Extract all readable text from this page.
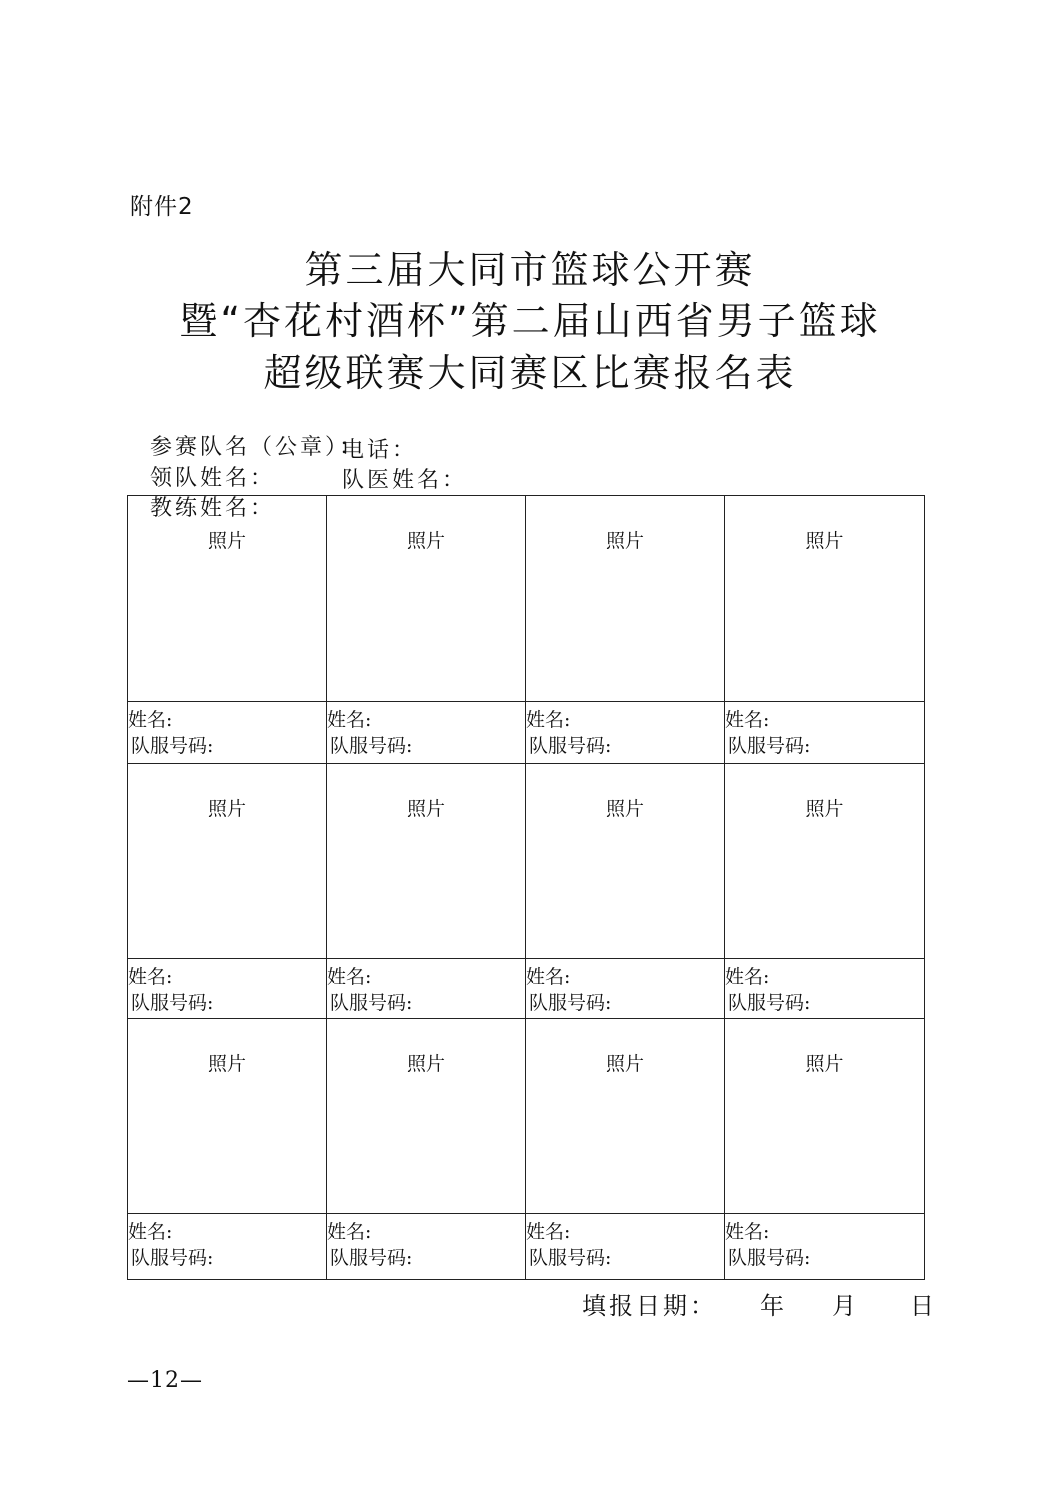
附件2
第三届大同市篮球公开赛
暨“杏花村酒杯”第二届山西省男子篮球
超级联赛大同赛区比赛报名表

参赛队名（公章）：

领队姓名：

电话：

教练姓名：

队医姓名：

照片	照片	照片	照片

姓名:
队服号码:	姓名:
队服号码:	姓名:
队服号码:	姓名:
队服号码:

照片	照片	照片	照片

姓名:
队服号码:	姓名:
队服号码:	姓名:
队服号码:	姓名:
队服号码:

照片	照片	照片	照片

姓名:
队服号码:	姓名:
队服号码:	姓名:
队服号码:	姓名:
队服号码:
填报日期： 年 月 日
—12—
